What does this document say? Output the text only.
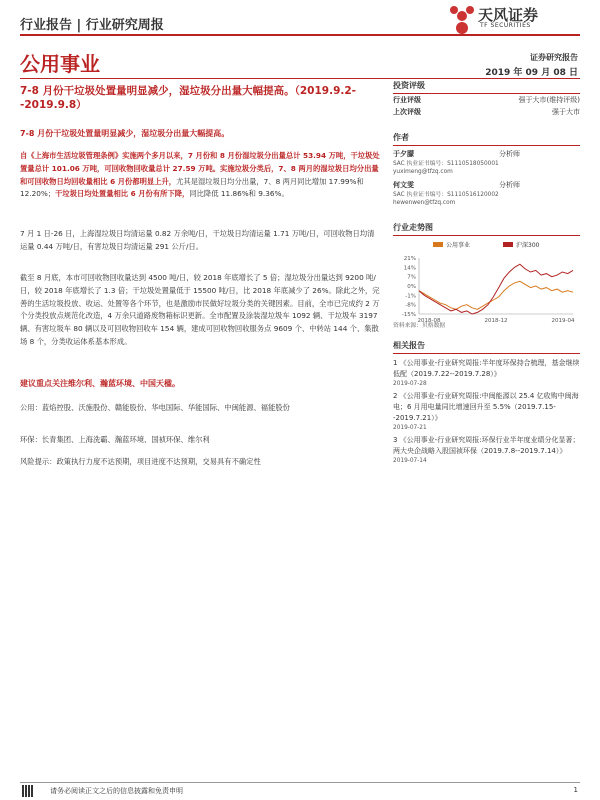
行业报告 | 行业研究周报
天风证券
TF SECURITIES
公用事业	证券研究报告
2019 年 09 月 08 日
7-8 月份干垃圾处置量明显减少，湿垃圾分出量大幅提高。（2019.9.2--2019.9.8）
7-8 月份干垃圾处置量明显减少，湿垃圾分出量大幅提高。
自《上海市生活垃圾管理条例》实施两个多月以来，7 月份和 8 月份湿垃圾分出量总计 53.94 万吨，干垃圾处置量总计 101.06 万吨，可回收物回收量总计 27.59 万吨。实施垃圾分类后，7、8 两月的湿垃圾日均分出量和可回收物日均回收量相比 6 月份都明显上升，尤其是湿垃圾日均分出量，7、8 两月同比增加 17.99%和 12.20%；干垃圾日均处置量相比 6 月份有所下降，同比降低 11.86%和 9.36%。
7 月 1 日-26 日，上海湿垃圾日均清运量 0.82 万余吨/日，干垃圾日均清运量 1.71 万吨/日，可回收物日均清运量 0.44 万吨/日，有害垃圾日均清运量 291 公斤/日。
截至 8 月底，本市可回收物回收量达到 4500 吨/日，较 2018 年底增长了 5 倍；湿垃圾分出量达到 9200 吨/日，较 2018 年底增长了 1.3 倍；干垃圾处置量低于 15500 吨/日，比 2018 年底减少了 26%。除此之外，完善的生活垃圾投放、收运、处置等各个环节，也是激励市民做好垃圾分类的关键因素。目前，全市已完成约 2 万个分类投放点规范化改造，4 万余只道路废物箱标识更新。全市配置及涂装湿垃圾车 1092 辆、干垃圾车 3197 辆、有害垃圾车 80 辆以及可回收物回收车 154 辆，建成可回收物回收服务点 9609 个、中转站 144 个、集散场 8 个，分类收运体系基本形成。
建议重点关注维尔利、瀚蓝环境、中国天楹。
公用：蓝焰控股、沃施股份、赣能股份、华电国际、华能国际、中闽能源、福能股份
环保：长青集团、上海洗霸、瀚蓝环境、国祯环保、维尔利
风险提示：政策执行力度不达预期，项目进度不达预期，交易具有不确定性
投资评级
行业评级	强于大市(维持评级)
上次评级	强于大市
作者
于夕朦	分析师
SAC 执业证书编号：S1110518050001
yuximeng@tfzq.com
何文雯	分析师
SAC 执业证书编号：S1110516120002
hewenwen@tfzq.com
行业走势图
公用事业	沪深300
21%
14%
7%
0%
-1%
-8%
-15%
2018-08	2018-12	2019-04
资料来源：贝格数据
相关报告
1 《公用事业-行业研究周报:半年度环保持合梳理，基金继续低配（2019.7.22--2019.7.28）》
2019-07-28
2 《公用事业-行业研究周报:中闽能源以 25.4 亿收购中闽海电；6 月用电量同比增速回升至 5.5%（2019.7.15--2019.7.21）》
2019-07-21
3 《公用事业-行业研究周报:环保行业半年度业绩分化显著；两大央企战略入股国祯环保（2019.7.8--2019.7.14）》
2019-07-14
请务必阅读正文之后的信息披露和免责申明	1
